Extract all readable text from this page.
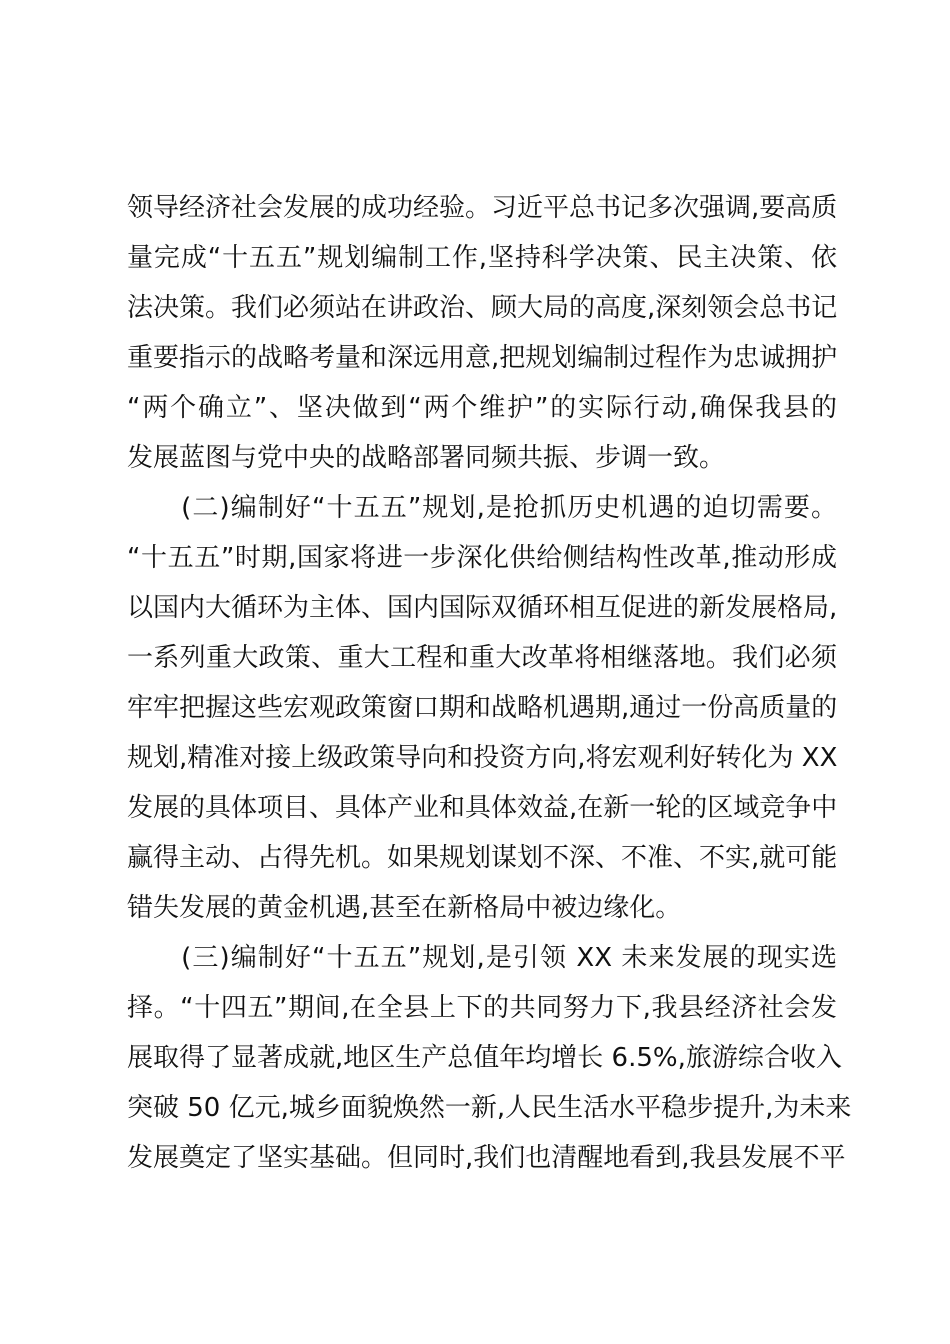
领导经济社会发展的成功经验。习近平总书记多次强调,要高质
量完成“十五五”规划编制工作,坚持科学决策、民主决策、依
法决策。我们必须站在讲政治、顾大局的高度,深刻领会总书记
重要指示的战略考量和深远用意,把规划编制过程作为忠诚拥护
“两个确立”、坚决做到“两个维护”的实际行动,确保我县的
发展蓝图与党中央的战略部署同频共振、步调一致。
　　(二)编制好“十五五”规划,是抢抓历史机遇的迫切需要。
“十五五”时期,国家将进一步深化供给侧结构性改革,推动形成
以国内大循环为主体、国内国际双循环相互促进的新发展格局,
一系列重大政策、重大工程和重大改革将相继落地。我们必须
牢牢把握这些宏观政策窗口期和战略机遇期,通过一份高质量的
规划,精准对接上级政策导向和投资方向,将宏观利好转化为 XX
发展的具体项目、具体产业和具体效益,在新一轮的区域竞争中
赢得主动、占得先机。如果规划谋划不深、不准、不实,就可能
错失发展的黄金机遇,甚至在新格局中被边缘化。
　　(三)编制好“十五五”规划,是引领 XX 未来发展的现实选
择。“十四五”期间,在全县上下的共同努力下,我县经济社会发
展取得了显著成就,地区生产总值年均增长 6.5%,旅游综合收入
突破 50 亿元,城乡面貌焕然一新,人民生活水平稳步提升,为未来
发展奠定了坚实基础。但同时,我们也清醒地看到,我县发展不平
